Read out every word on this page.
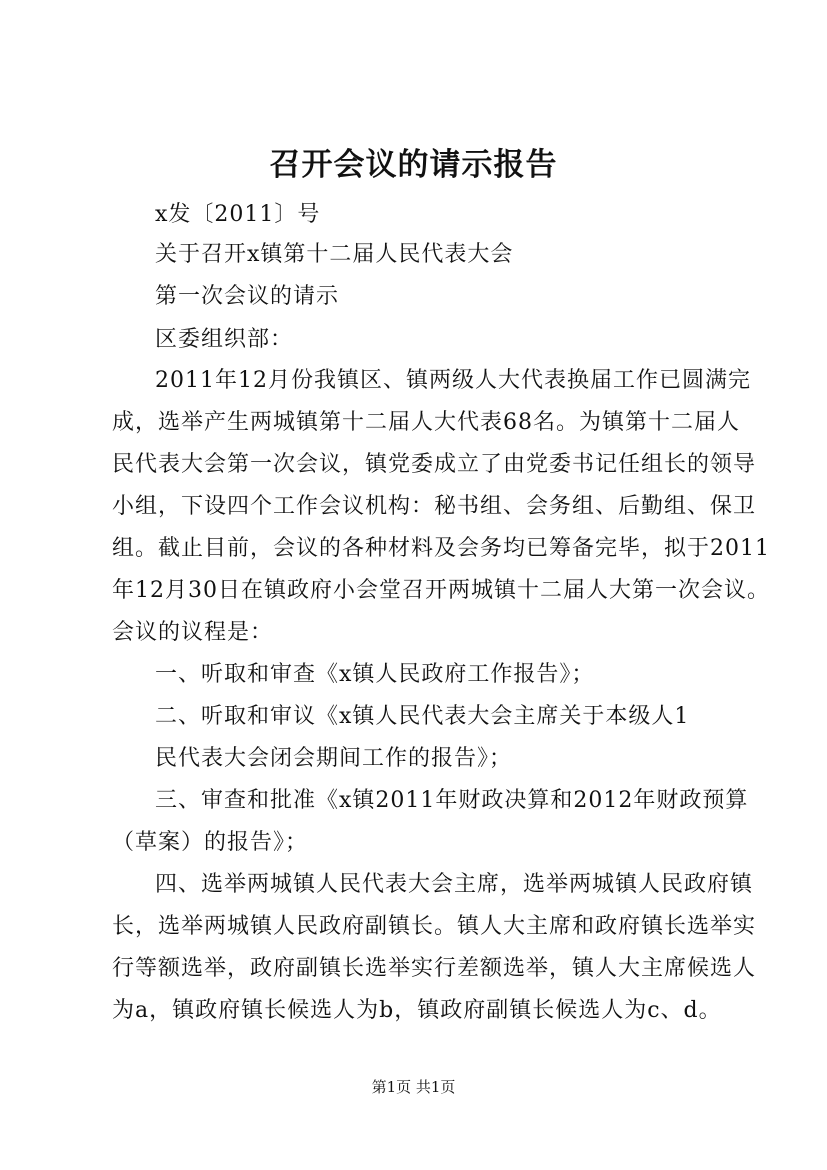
召开会议的请示报告
x发〔2011〕号
关于召开x镇第十二届人民代表大会
第一次会议的请示
区委组织部：
2011年12月份我镇区、镇两级人大代表换届工作已圆满完
成，选举产生两城镇第十二届人大代表68名。为镇第十二届人
民代表大会第一次会议，镇党委成立了由党委书记任组长的领导
小组，下设四个工作会议机构：秘书组、会务组、后勤组、保卫
组。截止目前，会议的各种材料及会务均已筹备完毕，拟于2011
年12月30日在镇政府小会堂召开两城镇十二届人大第一次会议。
会议的议程是：
一、听取和审查《x镇人民政府工作报告》；
二、听取和审议《x镇人民代表大会主席关于本级人1
民代表大会闭会期间工作的报告》；
三、审查和批准《x镇2011年财政决算和2012年财政预算
（草案）的报告》；
四、选举两城镇人民代表大会主席，选举两城镇人民政府镇
长，选举两城镇人民政府副镇长。镇人大主席和政府镇长选举实
行等额选举，政府副镇长选举实行差额选举，镇人大主席候选人
为a，镇政府镇长候选人为b，镇政府副镇长候选人为c、d。
第1页 共1页
